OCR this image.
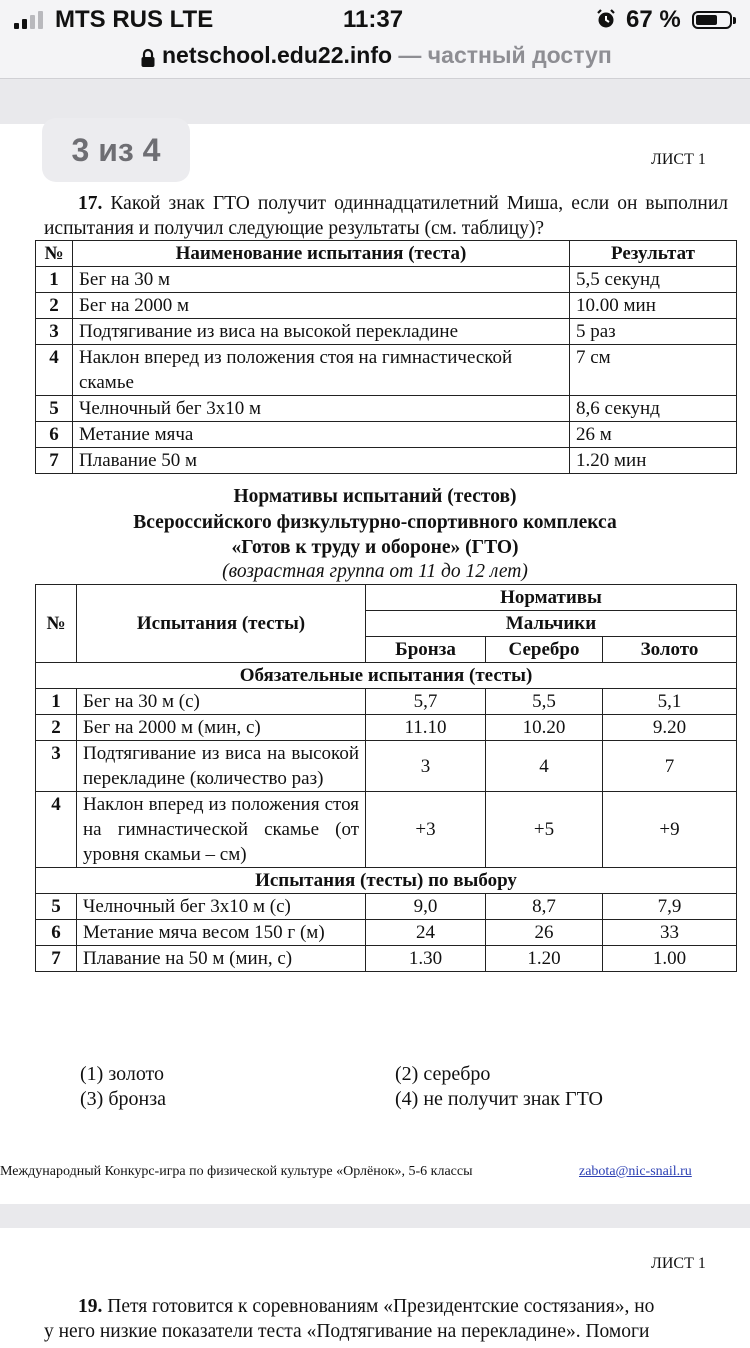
MTS RUS LTE	11:37	67 %
netschool.edu22.info — частный доступ
3 из 4	ЛИСТ 1
17. Какой знак ГТО получит одиннадцатилетний Миша, если он выполнил испытания и получил следующие результаты (см. таблицу)?
№	Наименование испытания (теста)	Результат
1	Бег на 30 м	5,5 секунд
2	Бег на 2000 м	10.00 мин
3	Подтягивание из виса на высокой перекладине	5 раз
4	Наклон вперед из положения стоя на гимнастической скамье	7 см
5	Челночный бег 3х10 м	8,6 секунд
6	Метание мяча	26 м
7	Плавание 50 м	1.20 мин
Нормативы испытаний (тестов)
Всероссийского физкультурно-спортивного комплекса
«Готов к труду и обороне» (ГТО)
(возрастная группа от 11 до 12 лет)
№	Испытания (тесты)	Нормативы		
		Мальчики		
		Бронза	Серебро	Золото
Обязательные испытания (тесты)				
1	Бег на 30 м (с)	5,7	5,5	5,1
2	Бег на 2000 м (мин, с)	11.10	10.20	9.20
3	Подтягивание из виса на высокой перекладине (количество раз)	3	4	7
4	Наклон вперед из положения стоя на гимнастической скамье (от уровня скамьи – см)	+3	+5	+9
Испытания (тесты) по выбору				
5	Челночный бег 3х10 м (с)	9,0	8,7	7,9
6	Метание мяча весом 150 г (м)	24	26	33
7	Плавание на 50 м (мин, с)	1.30	1.20	1.00
(1) золото	(2) серебро
(3) бронза	(4) не получит знак ГТО
Международный Конкурс-игра по физической культуре «Орлёнок», 5-6 классы	zabota@nic-snail.ru
ЛИСТ 1
19. Петя готовится к соревнованиям «Президентские состязания», но
у него низкие показатели теста «Подтягивание на перекладине». Помоги
